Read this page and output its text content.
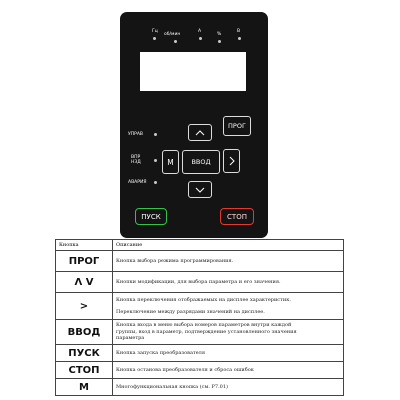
Гц
об/мин
А
%
В
УПРАВ
ВПР
НЗД
АВАРИЯ
ПРОГ
М	ВВОД
ПУСК	СТОП
Кнопка	Описание
ПРОГ	Кнопка выбора режима программирования.

Λ V	Кнопки модификации, для выбора параметра и его значения.

>	Кнопка переключения отображаемых на дисплее характеристик.
Переключение между разрядами значений на дисплее.

ВВОД	Кнопка входа в меню выбора номеров параметров внутри каждой
группы, вход в параметр, подтверждение установленного значения
параметра

ПУСК	Кнопка запуска преобразователя

СТОП	Кнопка останова преобразователя и сброса ошибок

М	Многофункциональная кнопка (см. P7.01)
